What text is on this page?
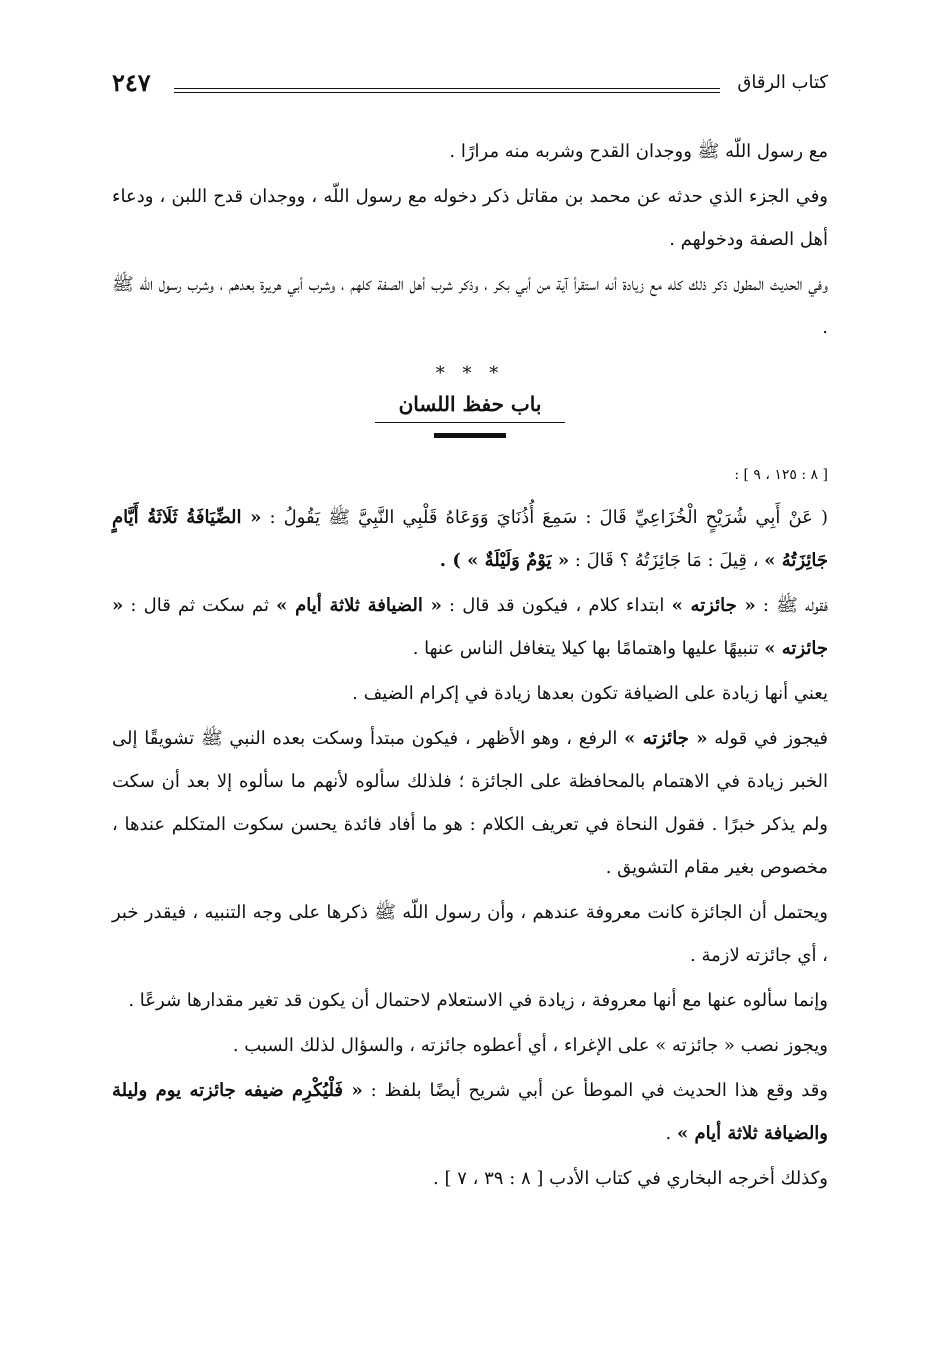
٢٤٧	كتاب الرقاق

مع رسول اللّه ﷺ ووجدان القدح وشربه منه مرارًا .

وفي الجزء الذي حدثه عن محمد بن مقاتل ذكر دخوله مع رسول اللّه ، ووجدان قدح اللبن ، ودعاء أهل الصفة ودخولهم .

وفي الحديث المطول ذكر ذلك كله مع زيادة أنه استقرأ آية من أبي بكر ، وذكر شرب أهل الصفة كلهم ، وشرب أبي هريرة بعدهم ، وشرب رسول اللّه ﷺ .

* * *
باب حفظ اللسان

[ ٨ : ١٢٥ ، ٩ ] :

( عَنْ أَبِي شُرَيْحٍ الْخُزَاعِيِّ قَالَ : سَمِعَ أُذُنَايَ وَوَعَاهُ قَلْبِي النَّبِيَّ ﷺ يَقُولُ : « الضِّيَافَةُ ثَلَاثَةُ أَيَّامٍ جَائِزَتُهُ » ، قِيلَ : مَا جَائِزَتُهُ ؟ قَالَ : « يَوْمٌ وَلَيْلَةٌ » ) .

فقوله ﷺ : « جائزته » ابتداء كلام ، فيكون قد قال : « الضيافة ثلاثة أيام » ثم سكت ثم قال : « جائزته » تنبيهًا عليها واهتمامًا بها كيلا يتغافل الناس عنها .

يعني أنها زيادة على الضيافة تكون بعدها زيادة في إكرام الضيف .

فيجوز في قوله « جائزته » الرفع ، وهو الأظهر ، فيكون مبتدأ وسكت بعده النبي ﷺ تشويقًا إلى الخبر زيادة في الاهتمام بالمحافظة على الجائزة ؛ فلذلك سألوه لأنهم ما سألوه إلا بعد أن سكت ولم يذكر خبرًا . فقول النحاة في تعريف الكلام : هو ما أفاد فائدة يحسن سكوت المتكلم عندها ، مخصوص بغير مقام التشويق .

ويحتمل أن الجائزة كانت معروفة عندهم ، وأن رسول اللّه ﷺ ذكرها على وجه التنبيه ، فيقدر خبر ، أي جائزته لازمة .

وإنما سألوه عنها مع أنها معروفة ، زيادة في الاستعلام لاحتمال أن يكون قد تغير مقدارها شرعًا .

ويجوز نصب « جائزته » على الإغراء ، أي أعطوه جائزته ، والسؤال لذلك السبب .

وقد وقع هذا الحديث في الموطأ عن أبي شريح أيضًا بلفظ : « فَلْيُكْرِم ضيفه جائزته يوم وليلة والضيافة ثلاثة أيام » .

وكذلك أخرجه البخاري في كتاب الأدب [ ٨ : ٣٩ ، ٧ ] .
